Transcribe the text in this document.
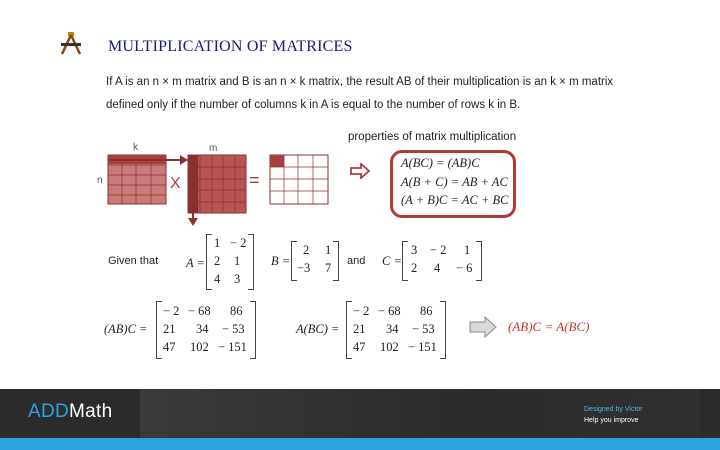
MULTIPLICATION OF MATRICES
If A is an n × m matrix and B is an n × k matrix, the result AB of their multiplication is an k × m matrix
defined only if the number of columns k in A is equal to the number of rows k in B.
X	=
k	m
n
properties of matrix multiplication
A(BC) = (AB)C
A(B + C) = AB + AC
(A + B)C = AC + BC
Given that A =
1 − 2
2 1
4 3
B =
2 1
−3 7 and C =
3 − 2 1
2 4 − 6
(AB)C =
− 2 − 68 86
21 34 − 53
47 102 − 151
A(BC) =
− 2 − 68 86
21 34 − 53
47 102 − 151
(AB)C = A(BC)
ADDMath	Designed by Victor
Help you improve
